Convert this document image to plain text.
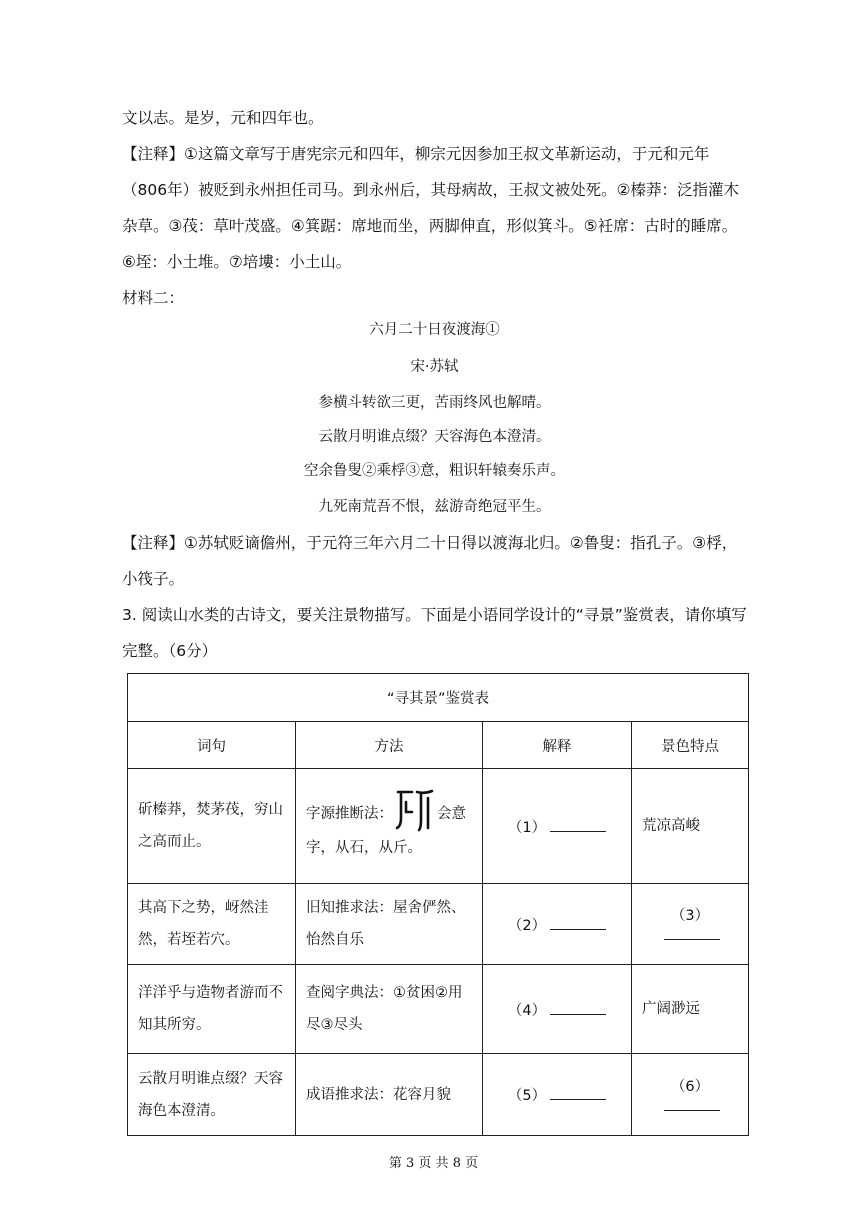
文以志。是岁，元和四年也。

【注释】①这篇文章写于唐宪宗元和四年，柳宗元因参加王叔文革新运动，于元和元年（806年）被贬到永州担任司马。到永州后，其母病故，王叔文被处死。②榛莽：泛指灌木杂草。③茷：草叶茂盛。④箕踞：席地而坐，两脚伸直，形似箕斗。⑤衽席：古时的睡席。⑥垤：小土堆。⑦培塿：小土山。

材料二：

六月二十日夜渡海①

宋·苏轼

参横斗转欲三更，苦雨终风也解晴。

云散月明谁点缀？天容海色本澄清。

空余鲁叟②乘桴③意，粗识轩辕奏乐声。

九死南荒吾不恨，兹游奇绝冠平生。

【注释】①苏轼贬谪儋州，于元符三年六月二十日得以渡海北归。②鲁叟：指孔子。③桴，小筏子。

3. 阅读山水类的古诗文，要关注景物描写。下面是小语同学设计的“寻景”鉴赏表，请你填写完整。（6分）

“寻其景”鉴赏表			
词句	方法	解释	景色特点
斫榛莽，焚茅茷，穷山之高而止。	字源推断法： 会意字，从石，从斤。	（1）	荒凉高峻
其高下之势，岈然洼然，若垤若穴。	旧知推求法：屋舍俨然、怡然自乐	（2）	（3）
洋洋乎与造物者游而不知其所穷。	查阅字典法：①贫困②用尽③尽头	（4）	广阔渺远
云散月明谁点缀？天容海色本澄清。	成语推求法：花容月貌	（5）	（6）
第 3 页 共 8 页
